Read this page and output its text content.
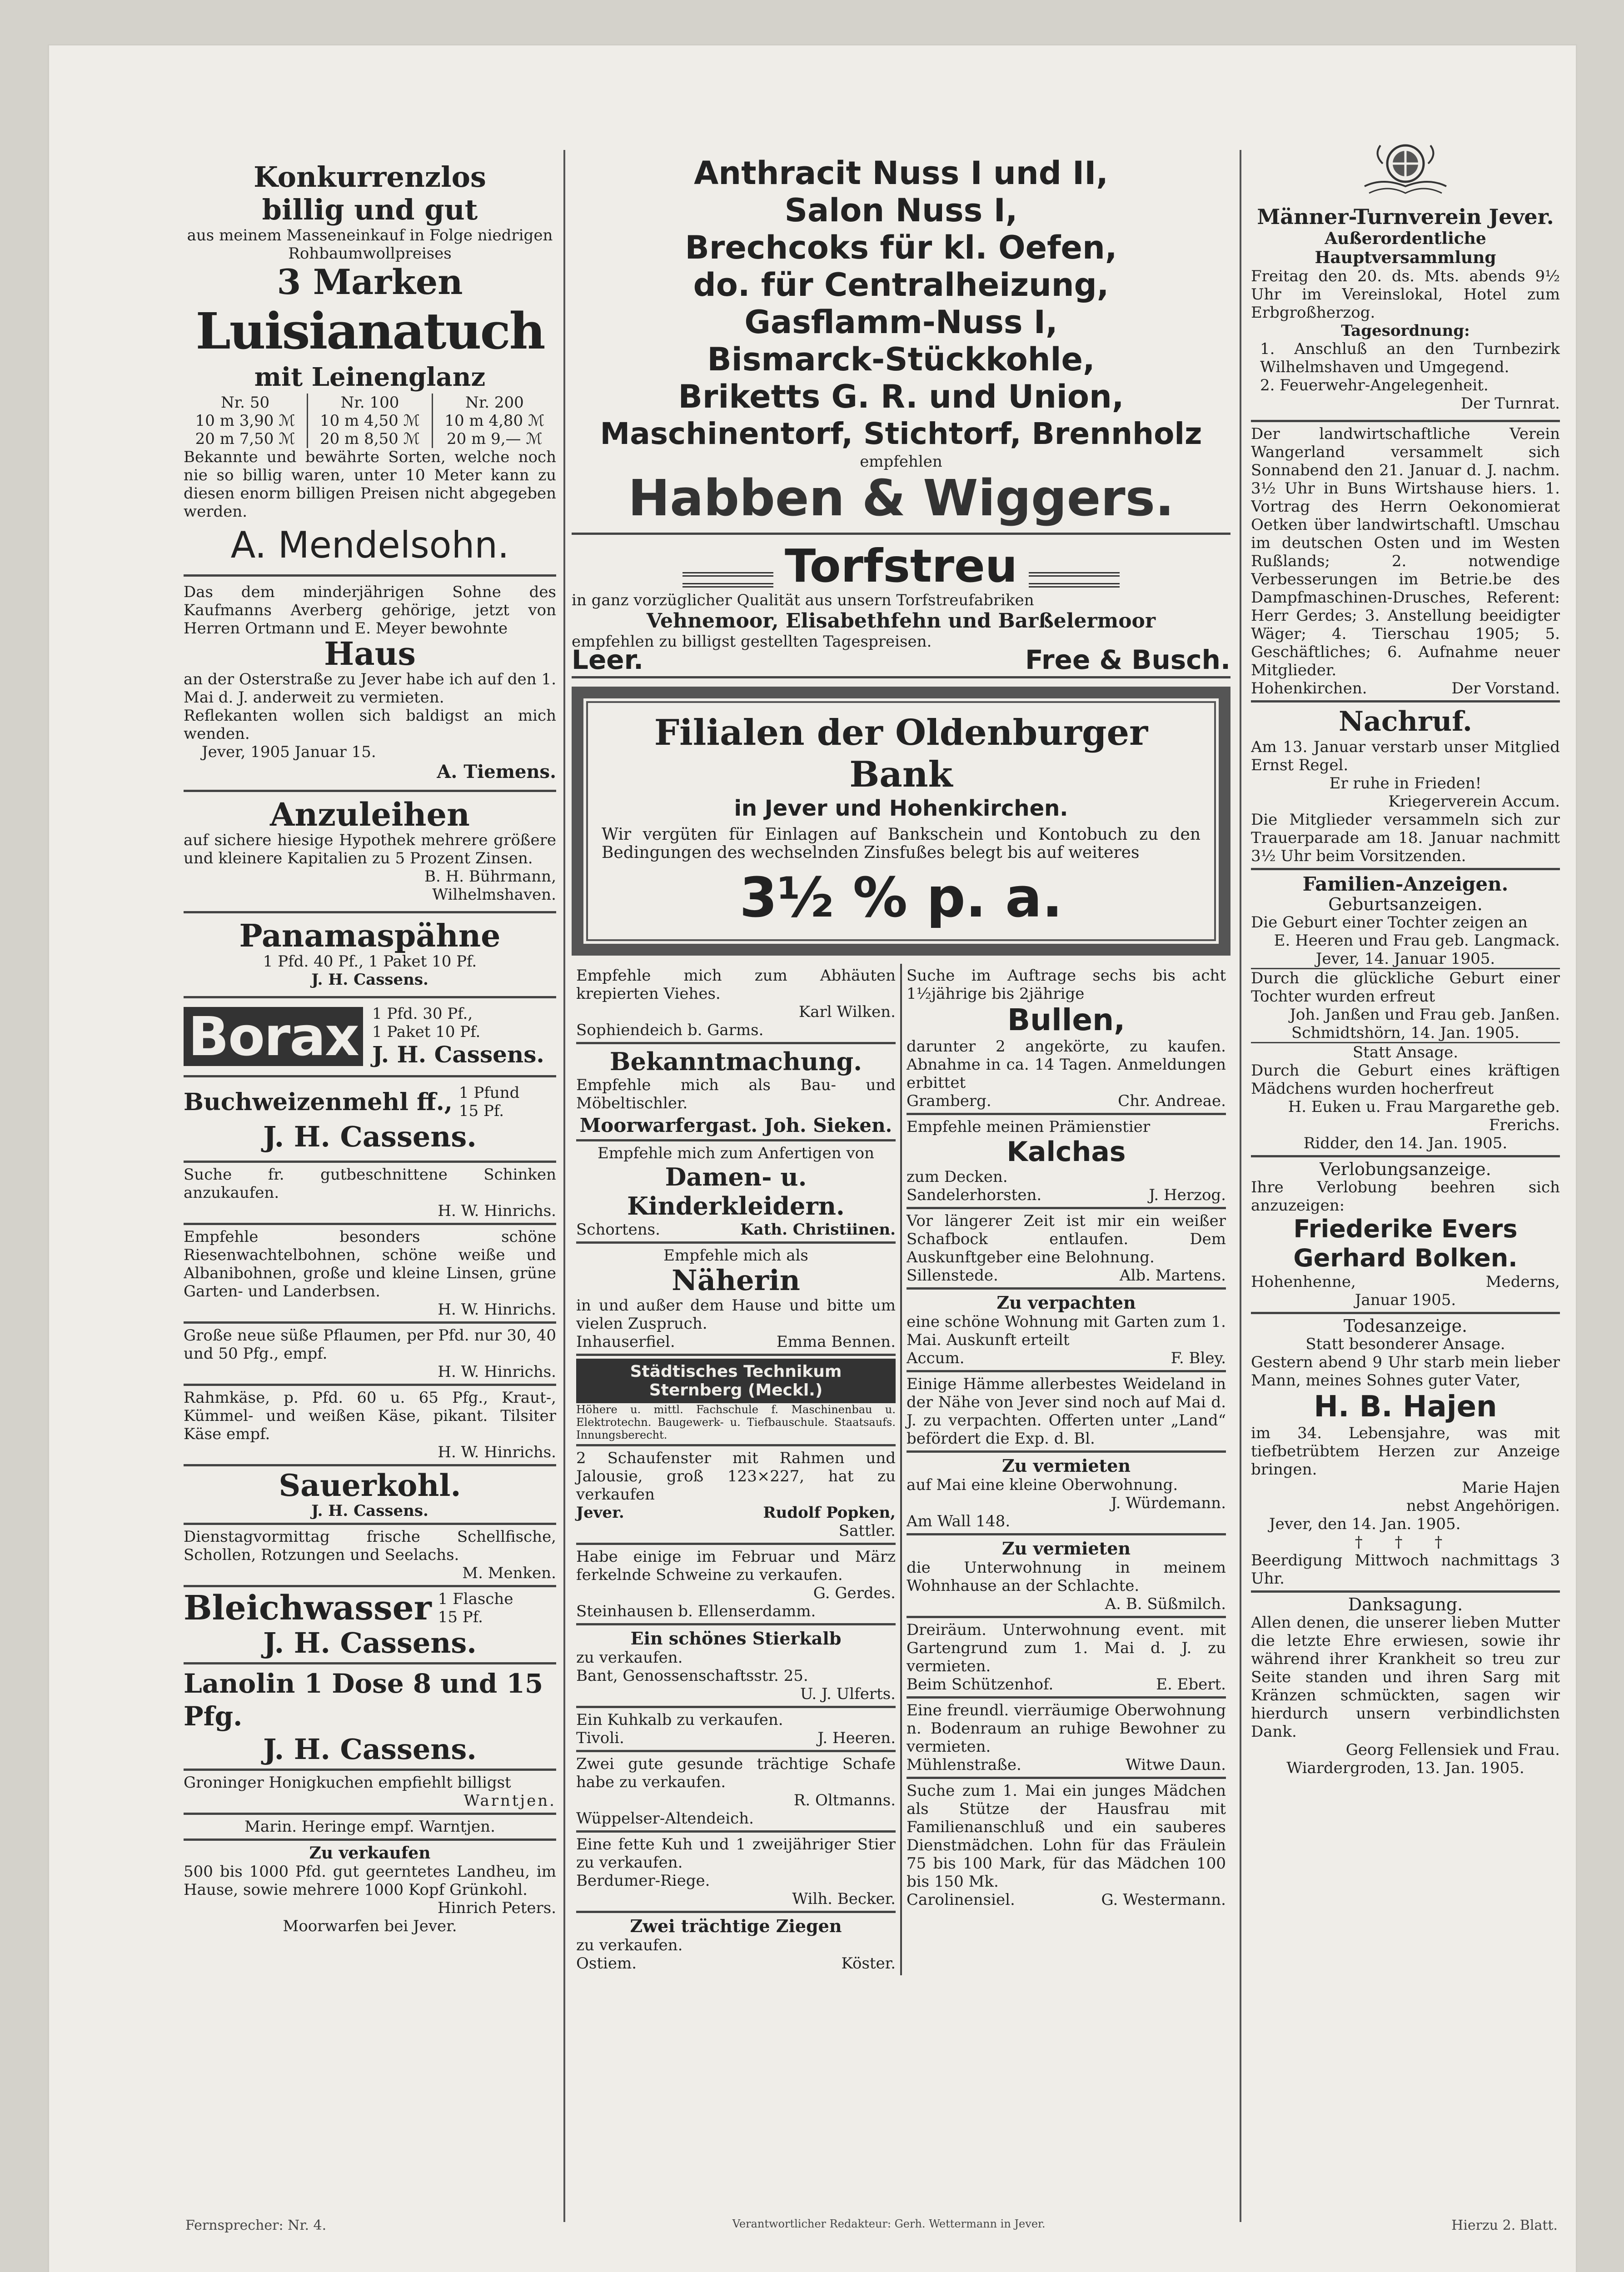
Konkurrenzlos

billig und gut

aus meinem Masseneinkauf in Folge niedrigen Rohbaumwollpreises

3 Marken

Luisianatuch

mit Leinenglanz

Nr. 50	Nr. 100	Nr. 200
10 m 3,90 ℳ	10 m 4,50 ℳ	10 m 4,80 ℳ
20 m 7,50 ℳ	20 m 8,50 ℳ	20 m 9,— ℳ

Bekannte und bewährte Sorten, welche noch nie so billig waren, unter 10 Meter kann zu diesen enorm billigen Preisen nicht abgegeben werden.

A. Mendelsohn.

Das dem minderjährigen Sohne des Kaufmanns Averberg gehörige, jetzt von Herren Ortmann und E. Meyer bewohnte

Haus

an der Osterstraße zu Jever habe ich auf den 1. Mai d. J. anderweit zu vermieten.

Reflekanten wollen sich baldigst an mich wenden.

Jever, 1905 Januar 15.

A. Tiemens.

Anzuleihen

auf sichere hiesige Hypothek mehrere größere und kleinere Kapitalien zu 5 Prozent Zinsen.

B. H. Bührmann,

Wilhelmshaven.

Panamaspähne

1 Pfd. 40 Pf., 1 Paket 10 Pf.

J. H. Cassens.

Borax 1 Pfd. 30 Pf.,

1 Paket 10 Pf.

J. H. Cassens.

Buchweizenmehl ff., 1 Pfund

15 Pf.

J. H. Cassens.

Suche fr. gutbeschnittene Schinken anzukaufen.

H. W. Hinrichs.

Empfehle besonders schöne Riesenwachtelbohnen, schöne weiße und Albanibohnen, große und kleine Linsen, grüne Garten- und Landerbsen.

H. W. Hinrichs.

Große neue süße Pflaumen, per Pfd. nur 30, 40 und 50 Pfg., empf.

H. W. Hinrichs.

Rahmkäse, p. Pfd. 60 u. 65 Pfg., Kraut-, Kümmel- und weißen Käse, pikant. Tilsiter Käse empf.

H. W. Hinrichs.

Sauerkohl.

J. H. Cassens.

Dienstagvormittag frische Schellfische, Schollen, Rotzungen und Seelachs.

M. Menken.

Bleichwasser 1 Flasche

15 Pf.

J. H. Cassens.

Lanolin 1 Dose 8 und 15 Pfg.

J. H. Cassens.

Groninger Honigkuchen empfiehlt billigst

Warntjen.

Marin. Heringe empf. Warntjen.

Zu verkaufen

500 bis 1000 Pfd. gut geerntetes Landheu, im Hause, sowie mehrere 1000 Kopf Grünkohl.

Hinrich Peters.

Moorwarfen bei Jever.

Anthracit Nuss I und II,

Salon Nuss I,

Brechcoks für kl. Oefen,

do. für Centralheizung,

Gasflamm-Nuss I,

Bismarck-Stückkohle,

Briketts G. R. und Union,

Maschinentorf, Stichtorf, Brennholz

empfehlen

Habben & Wiggers.

Torfstreu

in ganz vorzüglicher Qualität aus unsern Torfstreufabriken

Vehnemoor, Elisabethfehn und Barßelermoor

empfehlen zu billigst gestellten Tagespreisen.

Leer.	Free & Busch.

Filialen der Oldenburger Bank

in Jever und Hohenkirchen.

Wir vergüten für Einlagen auf Bankschein und Kontobuch zu den Bedingungen des wechselnden Zinsfußes belegt bis auf weiteres

3½ % p. a.

Empfehle mich zum Abhäuten krepierten Viehes.

Karl Wilken.

Sophiendeich b. Garms.

Bekanntmachung.

Empfehle mich als Bau- und Möbeltischler.

Moorwarfergast. Joh. Sieken.

Empfehle mich zum Anfertigen von

Damen- u. Kinderkleidern.

Schortens.	Kath. Christiinen.

Empfehle mich als

Näherin

in und außer dem Hause und bitte um vielen Zuspruch.

Inhauserfiel.	Emma Bennen.

Städtisches Technikum Sternberg (Meckl.)

Höhere u. mittl. Fachschule f. Maschinenbau u. Elektrotechn. Baugewerk- u. Tiefbauschule. Staatsaufs. Innungsberecht.

2 Schaufenster mit Rahmen und Jalousie, groß 123×227, hat zu verkaufen

Jever.	Rudolf Popken,

Sattler.

Habe einige im Februar und März ferkelnde Schweine zu verkaufen.

G. Gerdes.

Steinhausen b. Ellenserdamm.

Ein schönes Stierkalb

zu verkaufen.

Bant, Genossenschaftsstr. 25.

U. J. Ulferts.

Ein Kuhkalb zu verkaufen.

Tivoli.	J. Heeren.

Zwei gute gesunde trächtige Schafe habe zu verkaufen.

R. Oltmanns.

Wüppelser-Altendeich.

Eine fette Kuh und 1 zweijähriger Stier zu verkaufen.

Berdumer-Riege.

Wilh. Becker.

Zwei trächtige Ziegen

zu verkaufen.

Ostiem.	Köster.

Suche im Auftrage sechs bis acht 1½jährige bis 2jährige

Bullen,

darunter 2 angekörte, zu kaufen. Abnahme in ca. 14 Tagen. Anmeldungen erbittet

Gramberg.	Chr. Andreae.

Empfehle meinen Prämienstier

Kalchas

zum Decken.

Sandelerhorsten.	J. Herzog.

Vor längerer Zeit ist mir ein weißer Schafbock entlaufen. Dem Auskunftgeber eine Belohnung.

Sillenstede.	Alb. Martens.

Zu verpachten

eine schöne Wohnung mit Garten zum 1. Mai. Auskunft erteilt

Accum.	F. Bley.

Einige Hämme allerbestes Weideland in der Nähe von Jever sind noch auf Mai d. J. zu verpachten. Offerten unter „Land“ befördert die Exp. d. Bl.

Zu vermieten

auf Mai eine kleine Oberwohnung.

J. Würdemann.

Am Wall 148.

Zu vermieten

die Unterwohnung in meinem Wohnhause an der Schlachte.

A. B. Süßmilch.

Dreiräum. Unterwohnung event. mit Gartengrund zum 1. Mai d. J. zu vermieten.

Beim Schützenhof.	E. Ebert.

Eine freundl. vierräumige Oberwohnung n. Bodenraum an ruhige Bewohner zu vermieten.

Mühlenstraße.	Witwe Daun.

Suche zum 1. Mai ein junges Mädchen als Stütze der Hausfrau mit Familienanschluß und ein sauberes Dienstmädchen. Lohn für das Fräulein 75 bis 100 Mark, für das Mädchen 100 bis 150 Mk.

Carolinensiel.	G. Westermann.

Männer-Turnverein Jever.

Außerordentliche Hauptversammlung

Freitag den 20. ds. Mts. abends 9½ Uhr im Vereinslokal, Hotel zum Erbgroßherzog.

Tagesordnung:

1. Anschluß an den Turnbezirk Wilhelmshaven und Umgegend.

2. Feuerwehr-Angelegenheit.

Der Turnrat.

Der landwirtschaftliche Verein Wangerland versammelt sich Sonnabend den 21. Januar d. J. nachm. 3½ Uhr in Buns Wirtshause hiers. 1. Vortrag des Herrn Oekonomierat Oetken über landwirtschaftl. Umschau im deutschen Osten und im Westen Rußlands; 2. notwendige Verbesserungen im Betrie.be des Dampfmaschinen-Drusches, Referent: Herr Gerdes; 3. Anstellung beeidigter Wäger; 4. Tierschau 1905; 5. Geschäftliches; 6. Aufnahme neuer Mitglieder.

Hohenkirchen.	Der Vorstand.

Nachruf.

Am 13. Januar verstarb unser Mitglied Ernst Regel.

Er ruhe in Frieden!

Kriegerverein Accum.

Die Mitglieder versammeln sich zur Trauerparade am 18. Januar nachmitt 3½ Uhr beim Vorsitzenden.

Familien-Anzeigen.

Geburtsanzeigen.

Die Geburt einer Tochter zeigen an

E. Heeren und Frau geb. Langmack.

Jever, 14. Januar 1905.

Durch die glückliche Geburt einer Tochter wurden erfreut

Joh. Janßen und Frau geb. Janßen.

Schmidtshörn, 14. Jan. 1905.

Statt Ansage.

Durch die Geburt eines kräftigen Mädchens wurden hocherfreut

H. Euken u. Frau Margarethe geb. Frerichs.

Ridder, den 14. Jan. 1905.

Verlobungsanzeige.

Ihre Verlobung beehren sich anzuzeigen:

Friederike Evers

Gerhard Bolken.

Hohenhenne,	Mederns,

Januar 1905.

Todesanzeige.

Statt besonderer Ansage.

Gestern abend 9 Uhr starb mein lieber Mann, meines Sohnes guter Vater,

H. B. Hajen

im 34. Lebensjahre, was mit tiefbetrübtem Herzen zur Anzeige bringen.

Marie Hajen

nebst Angehörigen.

Jever, den 14. Jan. 1905.

† † †

Beerdigung Mittwoch nachmittags 3 Uhr.

Danksagung.

Allen denen, die unserer lieben Mutter die letzte Ehre erwiesen, sowie ihr während ihrer Krankheit so treu zur Seite standen und ihren Sarg mit Kränzen schmückten, sagen wir hierdurch unsern verbindlichsten Dank.

Georg Fellensiek und Frau.

Wiardergroden, 13. Jan. 1905.

Fernsprecher: Nr. 4.	Verantwortlicher Redakteur: Gerh. Wettermann in Jever.	Hierzu 2. Blatt.
